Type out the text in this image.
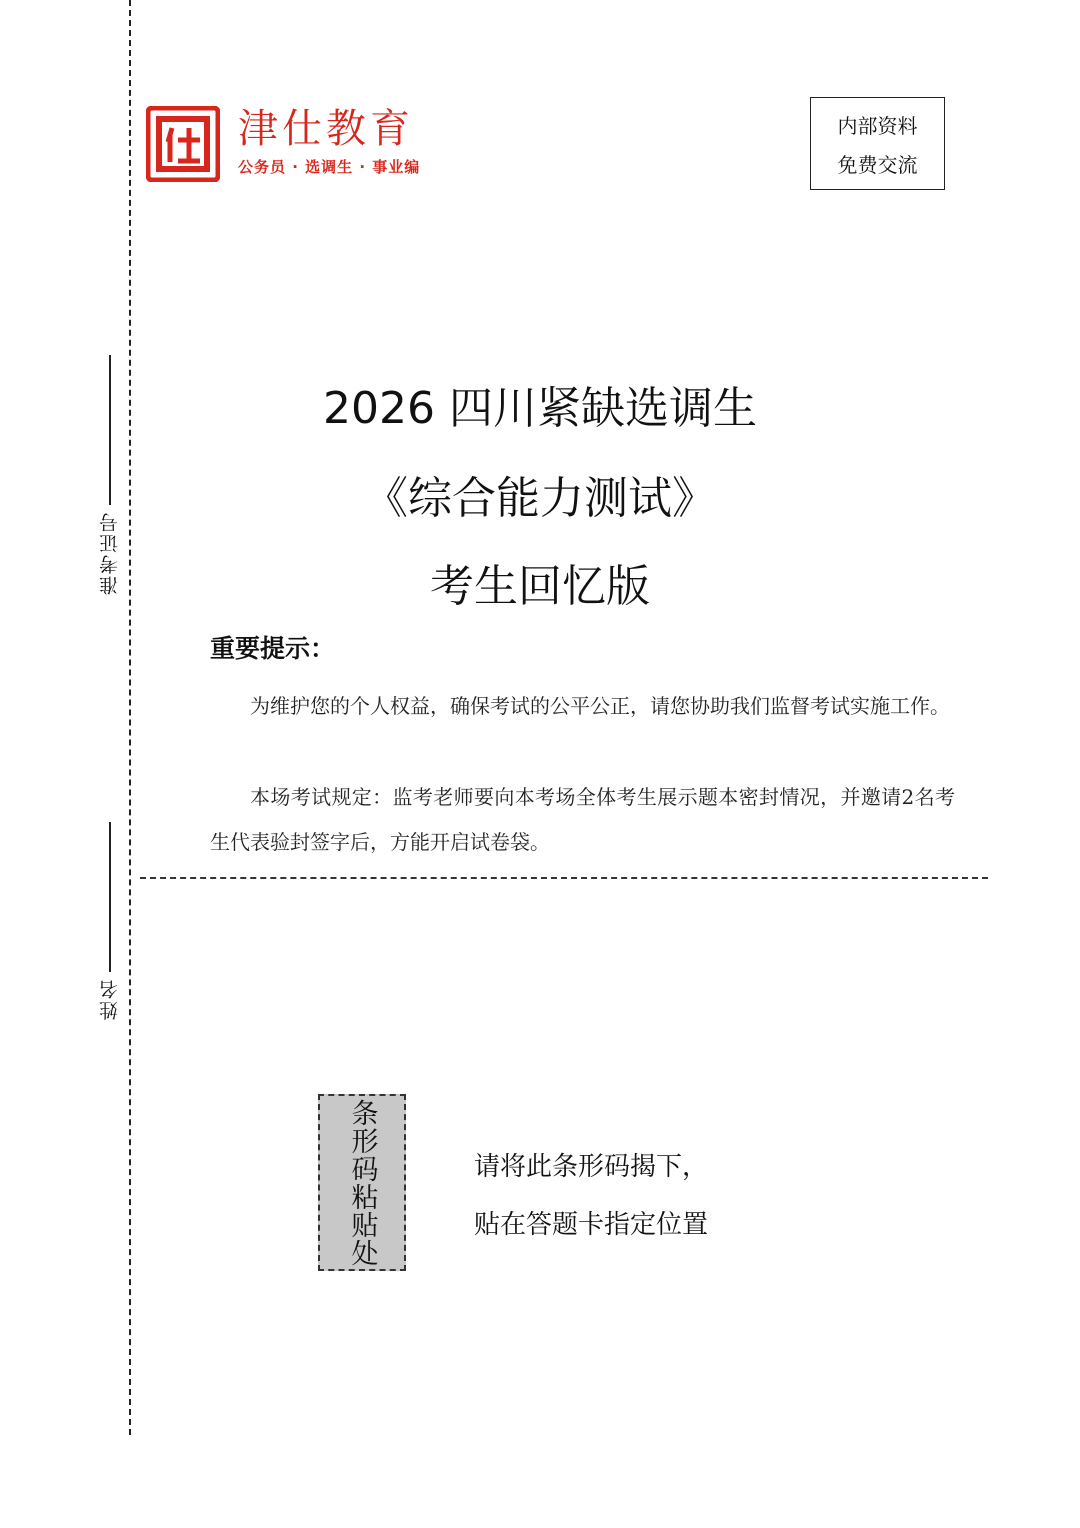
准考证号
姓名
津仕教育
公务员 · 选调生 · 事业编
内部资料
免费交流
2026 四川紧缺选调生
《综合能力测试》
考生回忆版
重要提示：
为维护您的个人权益，确保考试的公平公正，请您协助我们监督考试实施工作。
本场考试规定：监考老师要向本考场全体考生展示题本密封情况，并邀请2名考生代表验封签字后，方能开启试卷袋。
条形码粘贴处	请将此条形码揭下，
贴在答题卡指定位置
